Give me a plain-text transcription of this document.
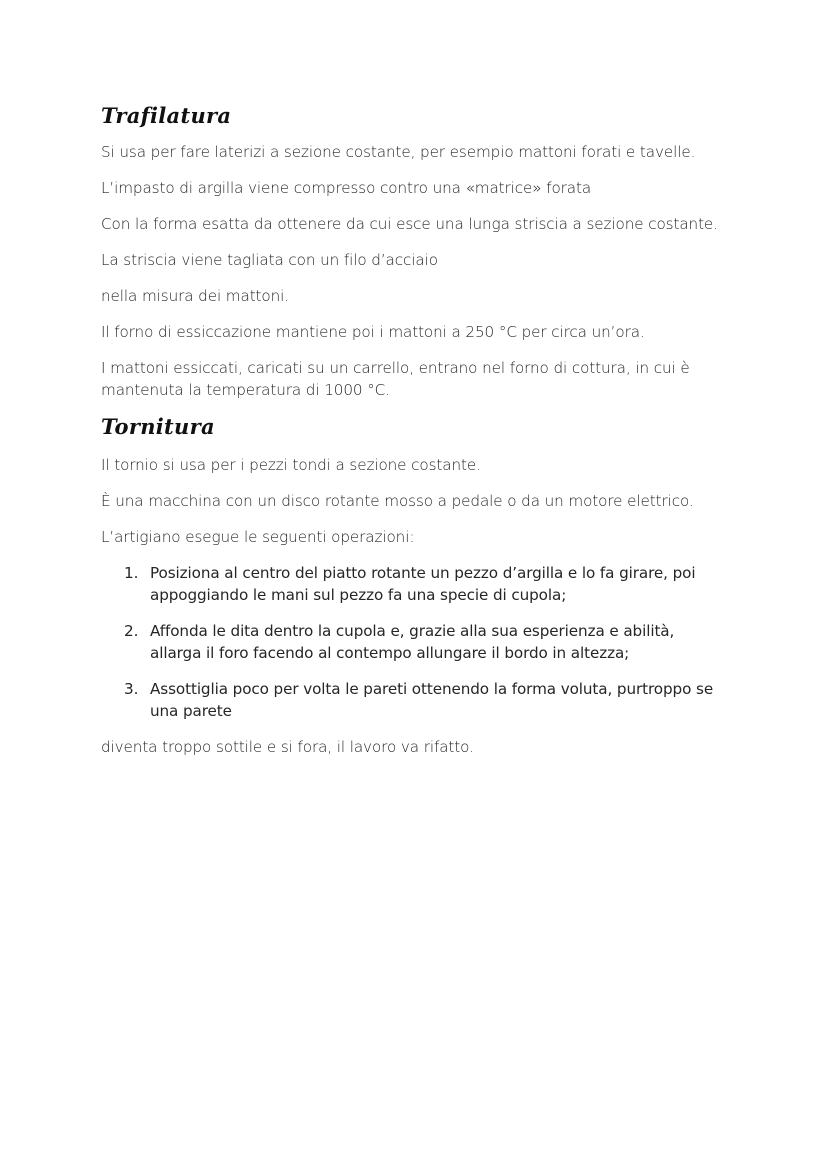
Trafilatura

Si usa per fare laterizi a sezione costante, per esempio mattoni forati e tavelle.

L’impasto di argilla viene compresso contro una «matrice» forata

Con la forma esatta da ottenere da cui esce una lunga striscia a sezione costante.

La striscia viene tagliata con un filo d’acciaio

nella misura dei mattoni.

Il forno di essiccazione mantiene poi i mattoni a 250 °C per circa un’ora.

I mattoni essiccati, caricati su un carrello, entrano nel forno di cottura, in cui è mantenuta la temperatura di 1000 °C.

Tornitura

Il tornio si usa per i pezzi tondi a sezione costante.

È una macchina con un disco rotante mosso a pedale o da un motore elettrico.

L’artigiano esegue le seguenti operazioni:

1. Posiziona al centro del piatto rotante un pezzo d’argilla e lo fa girare, poi
appoggiando le mani sul pezzo fa una specie di cupola;
2. Affonda le dita dentro la cupola e, grazie alla sua esperienza e abilità,
allarga il foro facendo al contempo allungare il bordo in altezza;
3. Assottiglia poco per volta le pareti ottenendo la forma voluta, purtroppo se
una parete

diventa troppo sottile e si fora, il lavoro va rifatto.
